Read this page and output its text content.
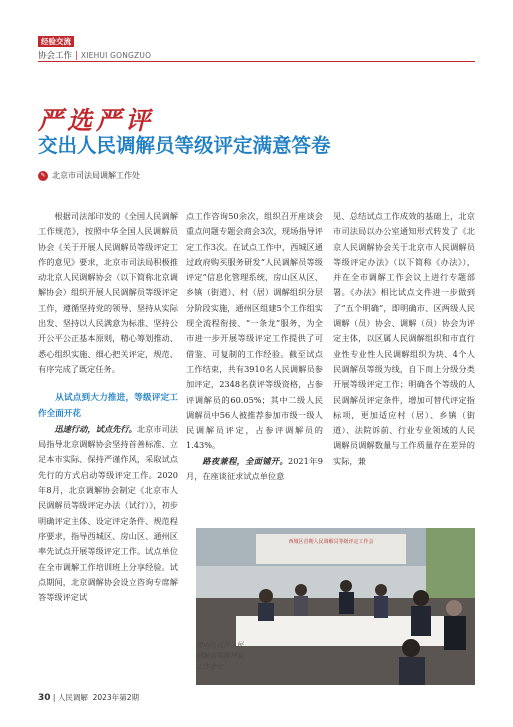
经验交流
协会工作 | XIEHUI GONGZUO
严选严评
交出人民调解员等级评定满意答卷
✎ 北京市司法局调解工作处

根据司法部印发的《全国人民调解工作规范》，按照中华全国人民调解员协会《关于开展人民调解员等级评定工作的意见》要求，北京市司法局积极推动北京人民调解协会（以下简称北京调解协会）组织开展人民调解员等级评定工作，遵循坚持党的领导、坚持从实际出发、坚持以人民满意为标准、坚持公开公平公正基本原则，精心筹划推动、悉心组织实施、细心把关评定，规范、有序完成了既定任务。

从试点到大力推进，等级评定工作全面开花

迅速行动，试点先行。北京市司法局指导北京调解协会坚持首善标准、立足本市实际、保持严谨作风，采取试点先行的方式启动等级评定工作。2020年8月，北京调解协会制定《北京市人民调解员等级评定办法（试行）》，初步明确评定主体、设定评定条件、规范程序要求，指导西城区、房山区、通州区率先试点开展等级评定工作。试点单位在全市调解工作培训班上分享经验。试点期间，北京调解协会设立咨询专席解答等级评定试

点工作咨询50余次，组织召开座谈会重点问题专题会商会3次，现场指导评定工作3次。在试点工作中，西城区通过政府购买服务研发“人民调解员等级评定”信息化管理系统，房山区从区、乡镇（街道）、村（居）调解组织分层分阶段实施，通州区组建5个工作组实现全流程衔接、“一条龙”服务，为全市进一步开展等级评定工作提供了可借鉴、可复制的工作经验。截至试点工作结束，共有3910名人民调解员参加评定，2348名获评等级资格，占参评调解员的60.05%；其中二级人民调解员中56人被推荐参加市级一级人民调解员评定，占参评调解员的1.43%。

路夜兼程，全面铺开。2021年9月，在座谈征求试点单位意

见、总结试点工作成效的基础上，北京市司法局以办公室通知形式转发了《北京人民调解协会关于北京市人民调解员等级评定办法》（以下简称《办法》），并在全市调解工作会议上进行专题部署。《办法》相比试点文件进一步做到了“五个明确”，即明确市、区两级人民调解（员）协会、调解（员）协会为评定主体，以区属人民调解组织和市直行业性专业性人民调解组织为块、4个人民调解员等级为线，自下而上分级分类开展等级评定工作；明确各个等级的人民调解员评定条件，增加可替代评定指标项，更加适应村（居）、乡镇（街道）、法院诉前、行业专业领域的人民调解员调解数量与工作质量存在差异的实际，兼

西城区首期人民调解员等级评定工作会
房山区召开人民调解员等级评定工作会议
30 | 人民调解 2023年第2期
